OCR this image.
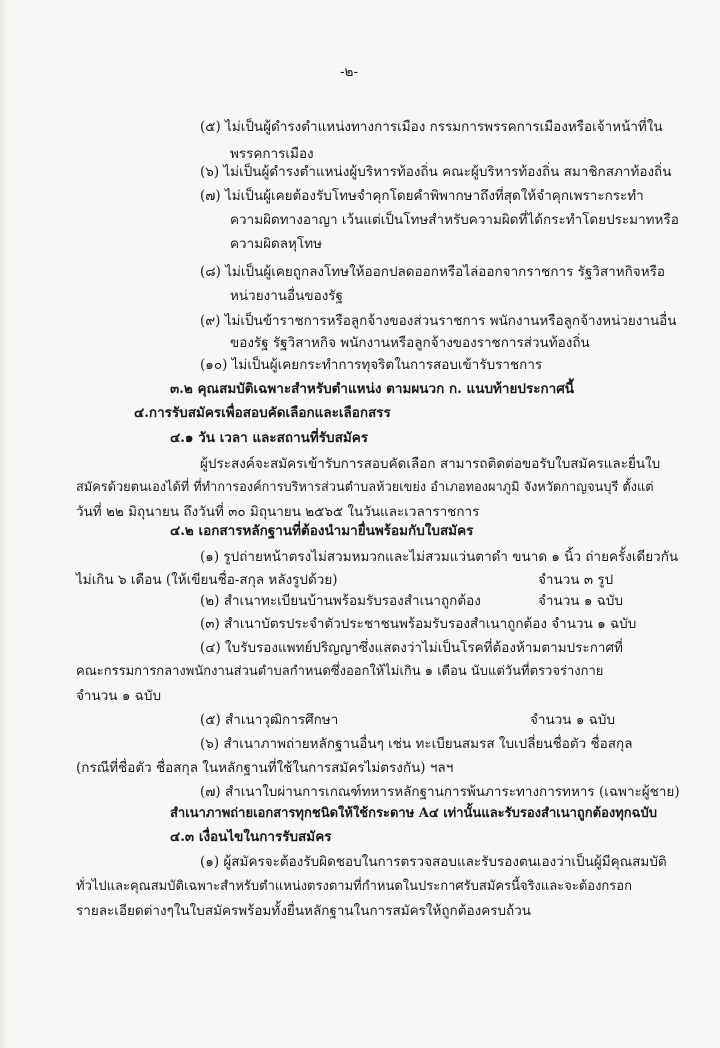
-๒-
(๕) ไม่เป็นผู้ดำรงตำแหน่งทางการเมือง กรรมการพรรคการเมืองหรือเจ้าหน้าที่ใน
พรรคการเมือง
(๖) ไม่เป็นผู้ดำรงตำแหน่งผู้บริหารท้องถิ่น คณะผู้บริหารท้องถิ่น สมาชิกสภาท้องถิ่น
(๗) ไม่เป็นผู้เคยต้องรับโทษจำคุกโดยคำพิพากษาถึงที่สุดให้จำคุกเพราะกระทำ
ความผิดทางอาญา เว้นแต่เป็นโทษสำหรับความผิดที่ได้กระทำโดยประมาทหรือ
ความผิดลหุโทษ
(๘) ไม่เป็นผู้เคยถูกลงโทษให้ออกปลดออกหรือไล่ออกจากราชการ รัฐวิสาหกิจหรือ
หน่วยงานอื่นของรัฐ
(๙) ไม่เป็นข้าราชการหรือลูกจ้างของส่วนราชการ พนักงานหรือลูกจ้างหน่วยงานอื่น
ของรัฐ รัฐวิสาหกิจ พนักงานหรือลูกจ้างของราชการส่วนท้องถิ่น
(๑๐) ไม่เป็นผู้เคยกระทำการทุจริตในการสอบเข้ารับราชการ
๓.๒ คุณสมบัติเฉพาะสำหรับตำแหน่ง ตามผนวก ก. แนบท้ายประกาศนี้
๔.การรับสมัครเพื่อสอบคัดเลือกและเลือกสรร
๔.๑ วัน เวลา และสถานที่รับสมัคร
ผู้ประสงค์จะสมัครเข้ารับการสอบคัดเลือก สามารถติดต่อขอรับใบสมัครและยื่นใบ
สมัครด้วยตนเองได้ที่ ที่ทำการองค์การบริหารส่วนตำบลห้วยเขย่ง อำเภอทองผาภูมิ จังหวัดกาญจนบุรี ตั้งแต่
วันที่ ๒๒ มิถุนายน ถึงวันที่ ๓๐ มิถุนายน ๒๕๖๕ ในวันและเวลาราชการ
๔.๒ เอกสารหลักฐานที่ต้องนำมายื่นพร้อมกับใบสมัคร
(๑) รูปถ่ายหน้าตรงไม่สวมหมวกและไม่สวมแว่นตาดำ ขนาด ๑ นิ้ว ถ่ายครั้งเดียวกัน
ไม่เกิน ๖ เดือน (ให้เขียนชื่อ-สกุล หลังรูปด้วย)	จำนวน ๓ รูป
(๒) สำเนาทะเบียนบ้านพร้อมรับรองสำเนาถูกต้อง	จำนวน ๑ ฉบับ
(๓) สำเนาบัตรประจำตัวประชาชนพร้อมรับรองสำเนาถูกต้อง จำนวน ๑ ฉบับ
(๔) ใบรับรองแพทย์ปริญญาซึ่งแสดงว่าไม่เป็นโรคที่ต้องห้ามตามประกาศที่
คณะกรรมการกลางพนักงานส่วนตำบลกำหนดซึ่งออกให้ไม่เกิน ๑ เดือน นับแต่วันที่ตรวจร่างกาย
จำนวน ๑ ฉบับ
(๕) สำเนาวุฒิการศึกษา	จำนวน ๑ ฉบับ
(๖) สำเนาภาพถ่ายหลักฐานอื่นๆ เช่น ทะเบียนสมรส ใบเปลี่ยนชื่อตัว ชื่อสกุล
(กรณีที่ชื่อตัว ชื่อสกุล ในหลักฐานที่ใช้ในการสมัครไม่ตรงกัน) ฯลฯ
(๗) สำเนาใบผ่านการเกณฑ์ทหารหลักฐานการพ้นภาระทางการทหาร (เฉพาะผู้ชาย)
สำเนาภาพถ่ายเอกสารทุกชนิดให้ใช้กระดาษ A๔ เท่านั้นและรับรองสำเนาถูกต้องทุกฉบับ
๔.๓ เงื่อนไขในการรับสมัคร
(๑) ผู้สมัครจะต้องรับผิดชอบในการตรวจสอบและรับรองตนเองว่าเป็นผู้มีคุณสมบัติ
ทั่วไปและคุณสมบัติเฉพาะสำหรับตำแหน่งตรงตามที่กำหนดในประกาศรับสมัครนี้จริงและจะต้องกรอก
รายละเอียดต่างๆในใบสมัครพร้อมทั้งยื่นหลักฐานในการสมัครให้ถูกต้องครบถ้วน
